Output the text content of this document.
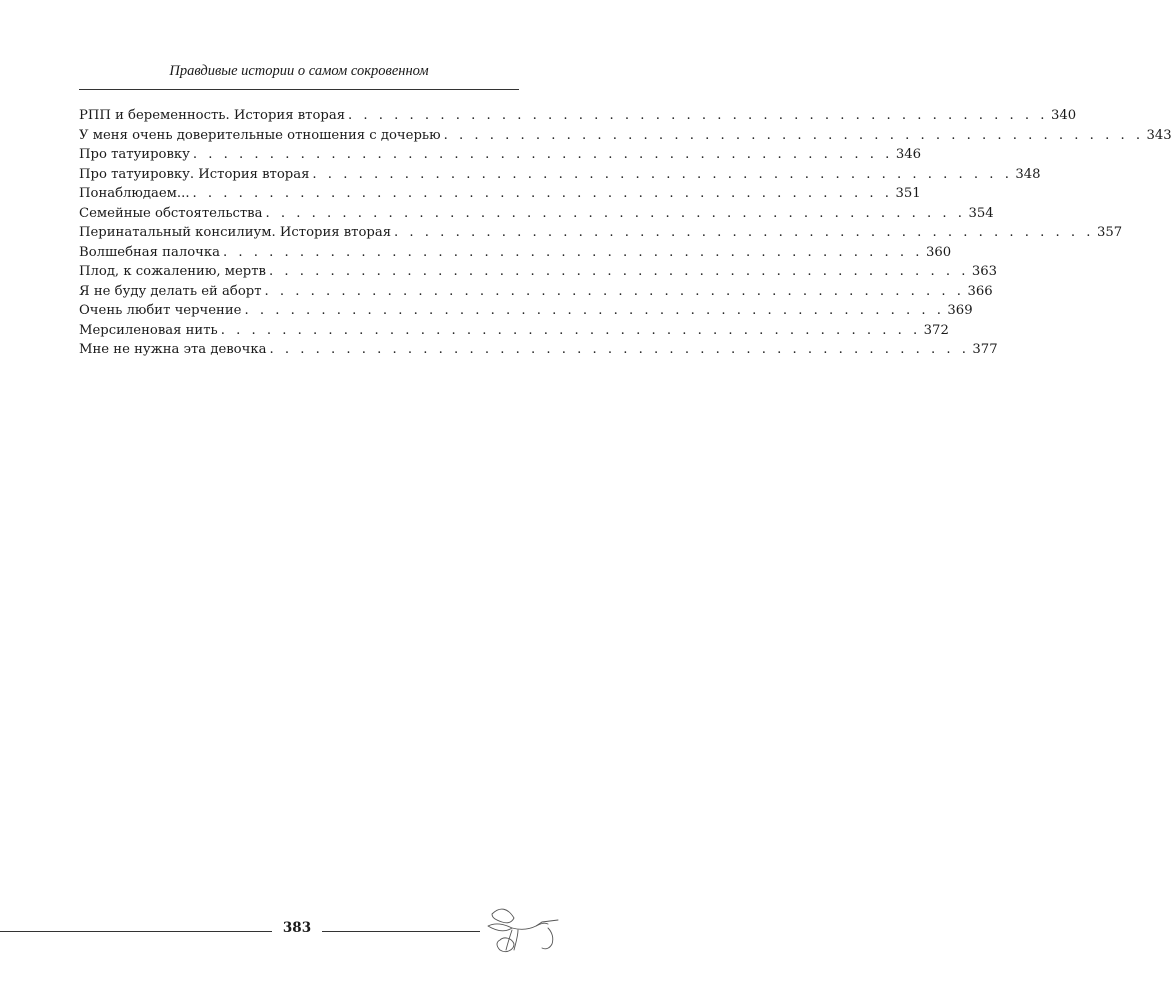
Правдивые истории о самом сокровенном
РПП и беременность. История вторая . . . . . . . . . . . . . . . . . . . . . . . . . . . . . . . . . . . . . . . . . . . . . . 340
У меня очень доверительные отношения с дочерью . . . . . . . . . . . . . . . . . . . . . . . . . . . . . . . . . . . . . . . . . . . . . . 343
Про татуировку . . . . . . . . . . . . . . . . . . . . . . . . . . . . . . . . . . . . . . . . . . . . . . 346
Про татуировку. История вторая . . . . . . . . . . . . . . . . . . . . . . . . . . . . . . . . . . . . . . . . . . . . . . 348
Понаблюдаем... . . . . . . . . . . . . . . . . . . . . . . . . . . . . . . . . . . . . . . . . . . . . . . 351
Семейные обстоятельства . . . . . . . . . . . . . . . . . . . . . . . . . . . . . . . . . . . . . . . . . . . . . . 354
Перинатальный консилиум. История вторая . . . . . . . . . . . . . . . . . . . . . . . . . . . . . . . . . . . . . . . . . . . . . . 357
Волшебная палочка . . . . . . . . . . . . . . . . . . . . . . . . . . . . . . . . . . . . . . . . . . . . . . 360
Плод, к сожалению, мертв . . . . . . . . . . . . . . . . . . . . . . . . . . . . . . . . . . . . . . . . . . . . . . 363
Я не буду делать ей аборт . . . . . . . . . . . . . . . . . . . . . . . . . . . . . . . . . . . . . . . . . . . . . . 366
Очень любит черчение . . . . . . . . . . . . . . . . . . . . . . . . . . . . . . . . . . . . . . . . . . . . . . 369
Мерсиленовая нить . . . . . . . . . . . . . . . . . . . . . . . . . . . . . . . . . . . . . . . . . . . . . . 372
Мне не нужна эта девочка . . . . . . . . . . . . . . . . . . . . . . . . . . . . . . . . . . . . . . . . . . . . . . 377
383
